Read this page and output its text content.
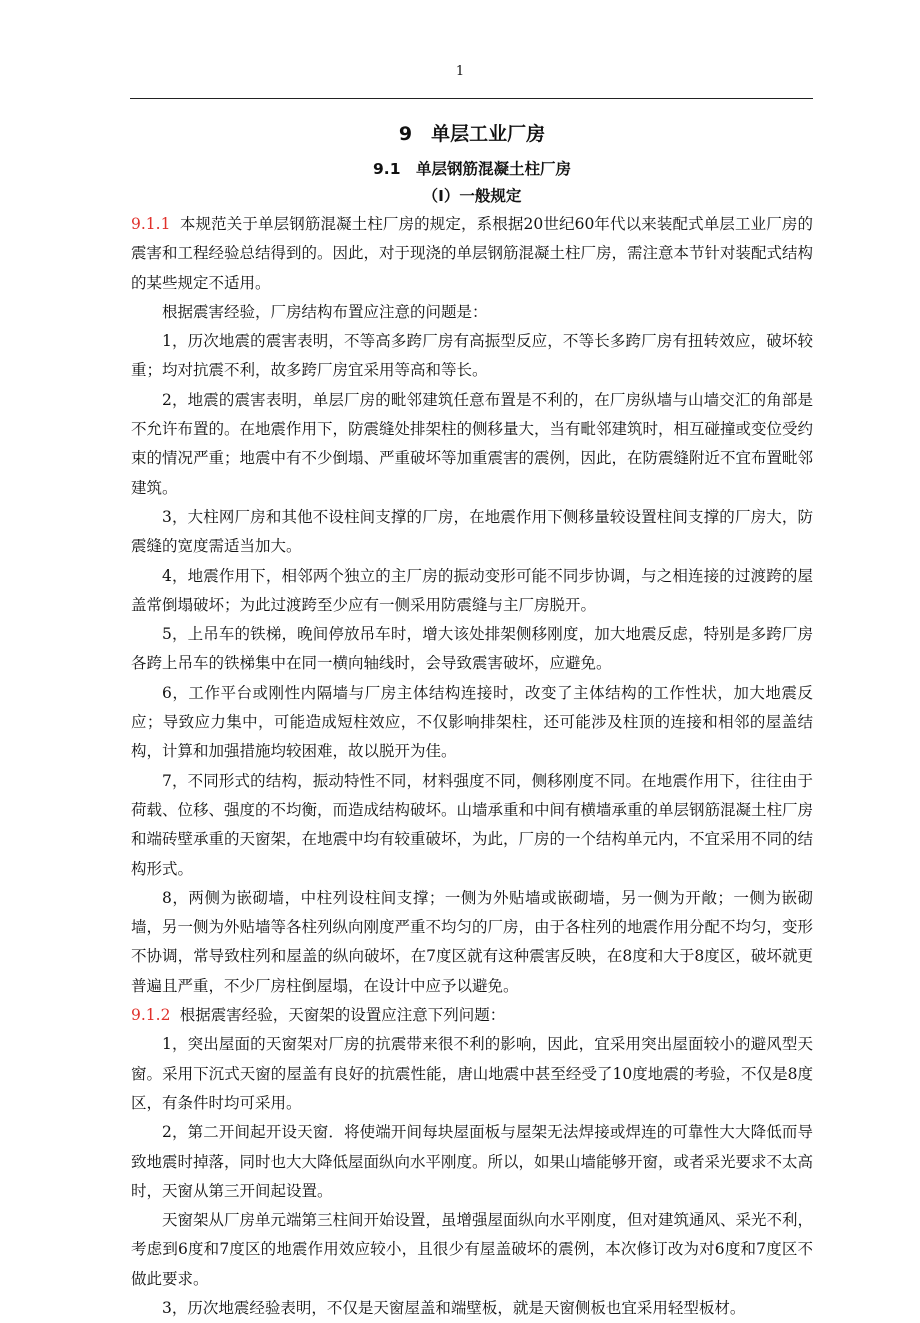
1
9　单层工业厂房
9.1　单层钢筋混凝土柱厂房
（Ⅰ）一般规定

9.1.1 本规范关于单层钢筋混凝土柱厂房的规定，系根据20世纪60年代以来装配式单层工业厂房的震害和工程经验总结得到的。因此，对于现浇的单层钢筋混凝土柱厂房，需注意本节针对装配式结构的某些规定不适用。

根据震害经验，厂房结构布置应注意的问题是：

1，历次地震的震害表明，不等高多跨厂房有高振型反应，不等长多跨厂房有扭转效应，破坏较重；均对抗震不利，故多跨厂房宜采用等高和等长。

2，地震的震害表明，单层厂房的毗邻建筑任意布置是不利的，在厂房纵墙与山墙交汇的角部是不允许布置的。在地震作用下，防震缝处排架柱的侧移量大，当有毗邻建筑时，相互碰撞或变位受约束的情况严重；地震中有不少倒塌、严重破坏等加重震害的震例，因此，在防震缝附近不宜布置毗邻建筑。

3，大柱网厂房和其他不设柱间支撑的厂房，在地震作用下侧移量较设置柱间支撑的厂房大，防震缝的宽度需适当加大。

4，地震作用下，相邻两个独立的主厂房的振动变形可能不同步协调，与之相连接的过渡跨的屋盖常倒塌破坏；为此过渡跨至少应有一侧采用防震缝与主厂房脱开。

5，上吊车的铁梯，晚间停放吊车时，增大该处排架侧移刚度，加大地震反虑，特别是多跨厂房各跨上吊车的铁梯集中在同一横向轴线时，会导致震害破坏，应避免。

6，工作平台或刚性内隔墙与厂房主体结构连接时，改变了主体结构的工作性状，加大地震反应；导致应力集中，可能造成短柱效应，不仅影响排架柱，还可能涉及柱顶的连接和相邻的屋盖结构，计算和加强措施均较困难，故以脱开为佳。

7，不同形式的结构，振动特性不同，材料强度不同，侧移刚度不同。在地震作用下，往往由于荷载、位移、强度的不均衡，而造成结构破坏。山墙承重和中间有横墙承重的单层钢筋混凝土柱厂房和端砖壁承重的天窗架，在地震中均有较重破坏，为此，厂房的一个结构单元内，不宜采用不同的结构形式。

8，两侧为嵌砌墙，中柱列设柱间支撑；一侧为外贴墙或嵌砌墙，另一侧为开敞；一侧为嵌砌墙，另一侧为外贴墙等各柱列纵向刚度严重不均匀的厂房，由于各柱列的地震作用分配不均匀，变形不协调，常导致柱列和屋盖的纵向破坏，在7度区就有这种震害反映，在8度和大于8度区，破坏就更普遍且严重，不少厂房柱倒屋塌，在设计中应予以避免。

9.1.2 根据震害经验，天窗架的设置应注意下列问题：

1，突出屋面的天窗架对厂房的抗震带来很不利的影响，因此，宜采用突出屋面较小的避风型天窗。采用下沉式天窗的屋盖有良好的抗震性能，唐山地震中甚至经受了10度地震的考验，不仅是8度区，有条件时均可采用。

2，第二开间起开设天窗．将使端开间每块屋面板与屋架无法焊接或焊连的可靠性大大降低而导致地震时掉落，同时也大大降低屋面纵向水平刚度。所以，如果山墙能够开窗，或者采光要求不太高时，天窗从第三开间起设置。

天窗架从厂房单元端第三柱间开始设置，虽增强屋面纵向水平刚度，但对建筑通风、采光不利，考虑到6度和7度区的地震作用效应较小，且很少有屋盖破坏的震例，本次修订改为对6度和7度区不做此要求。

3，历次地震经验表明，不仅是天窗屋盖和端壁板，就是天窗侧板也宜采用轻型板材。
